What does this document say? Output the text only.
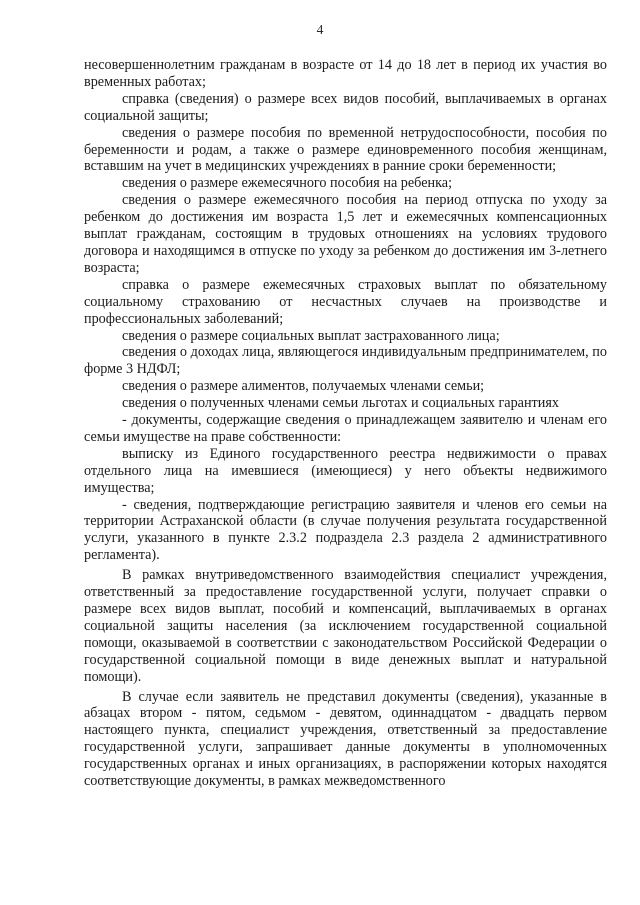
4

несовершеннолетним гражданам в возрасте от 14 до 18 лет в период их участия во временных работах;

справка (сведения) о размере всех видов пособий, выплачиваемых в органах социальной защиты;

сведения о размере пособия по временной нетрудоспособности, пособия по беременности и родам, а также о размере единовременного пособия женщинам, вставшим на учет в медицинских учреждениях в ранние сроки беременности;

сведения о размере ежемесячного пособия на ребенка;

сведения о размере ежемесячного пособия на период отпуска по уходу за ребенком до достижения им возраста 1,5 лет и ежемесячных компенсационных выплат гражданам, состоящим в трудовых отношениях на условиях трудового договора и находящимся в отпуске по уходу за ребенком до достижения им 3-летнего возраста;

справка о размере ежемесячных страховых выплат по обязательному социальному страхованию от несчастных случаев на производстве и профессиональных заболеваний;

сведения о размере социальных выплат застрахованного лица;

сведения о доходах лица, являющегося индивидуальным предпринимателем, по форме 3 НДФЛ;

сведения о размере алиментов, получаемых членами семьи;

сведения о полученных членами семьи льготах и социальных гарантиях

- документы, содержащие сведения о принадлежащем заявителю и членам его семьи имуществе на праве собственности:

выписку из Единого государственного реестра недвижимости о правах отдельного лица на имевшиеся (имеющиеся) у него объекты недвижимого имущества;

- сведения, подтверждающие регистрацию заявителя и членов его семьи на территории Астраханской области (в случае получения результата государственной услуги, указанного в пункте 2.3.2 подраздела 2.3 раздела 2 административного регламента).

В рамках внутриведомственного взаимодействия специалист учреждения, ответственный за предоставление государственной услуги, получает справки о размере всех видов выплат, пособий и компенсаций, выплачиваемых в органах социальной защиты населения (за исключением государственной социальной помощи, оказываемой в соответствии с законодательством Российской Федерации о государственной социальной помощи в виде денежных выплат и натуральной помощи).

В случае если заявитель не представил документы (сведения), указанные в абзацах втором - пятом, седьмом - девятом, одиннадцатом - двадцать первом настоящего пункта, специалист учреждения, ответственный за предоставление государственной услуги, запрашивает данные документы в уполномоченных государственных органах и иных организациях, в распоряжении которых находятся соответствующие документы, в рамках межведомственного
